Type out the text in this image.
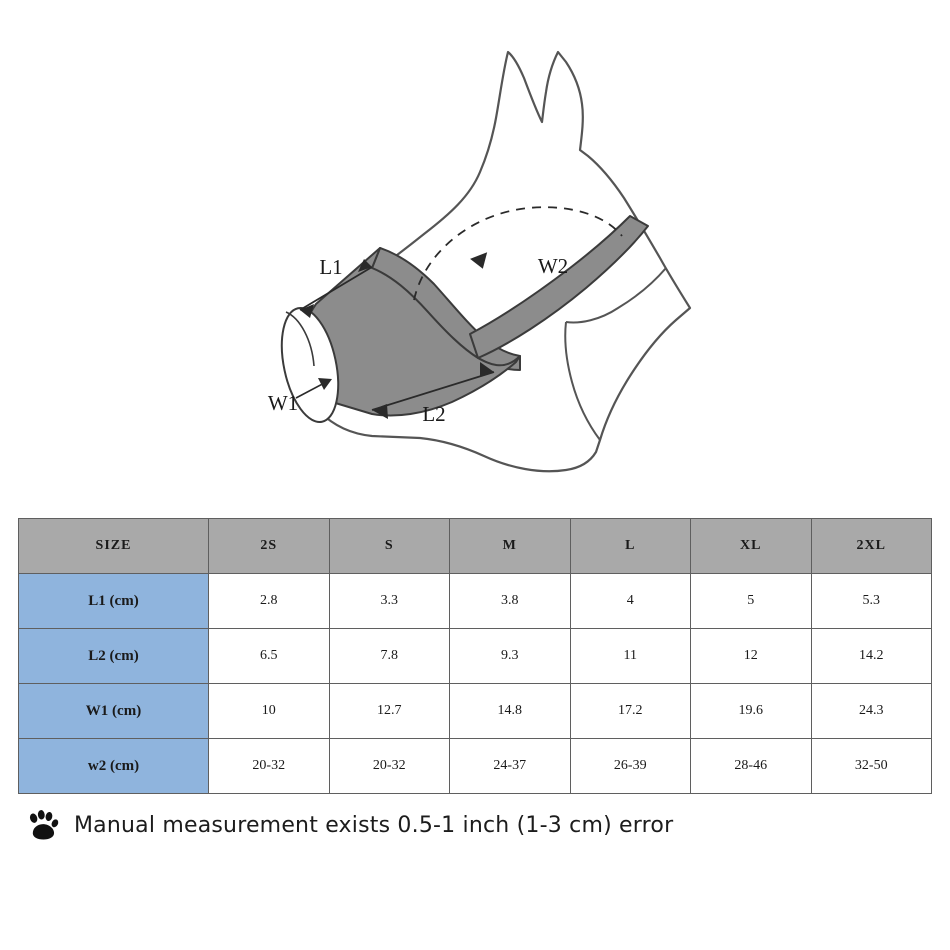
L1
L2
W1
W2
SIZE	2S	S	M	L	XL	2XL
L1 (cm)	2.8	3.3	3.8	4	5	5.3
L2 (cm)	6.5	7.8	9.3	11	12	14.2
W1 (cm)	10	12.7	14.8	17.2	19.6	24.3
w2 (cm)	20-32	20-32	24-37	26-39	28-46	32-50
Manual measurement exists 0.5-1 inch (1-3 cm) error
